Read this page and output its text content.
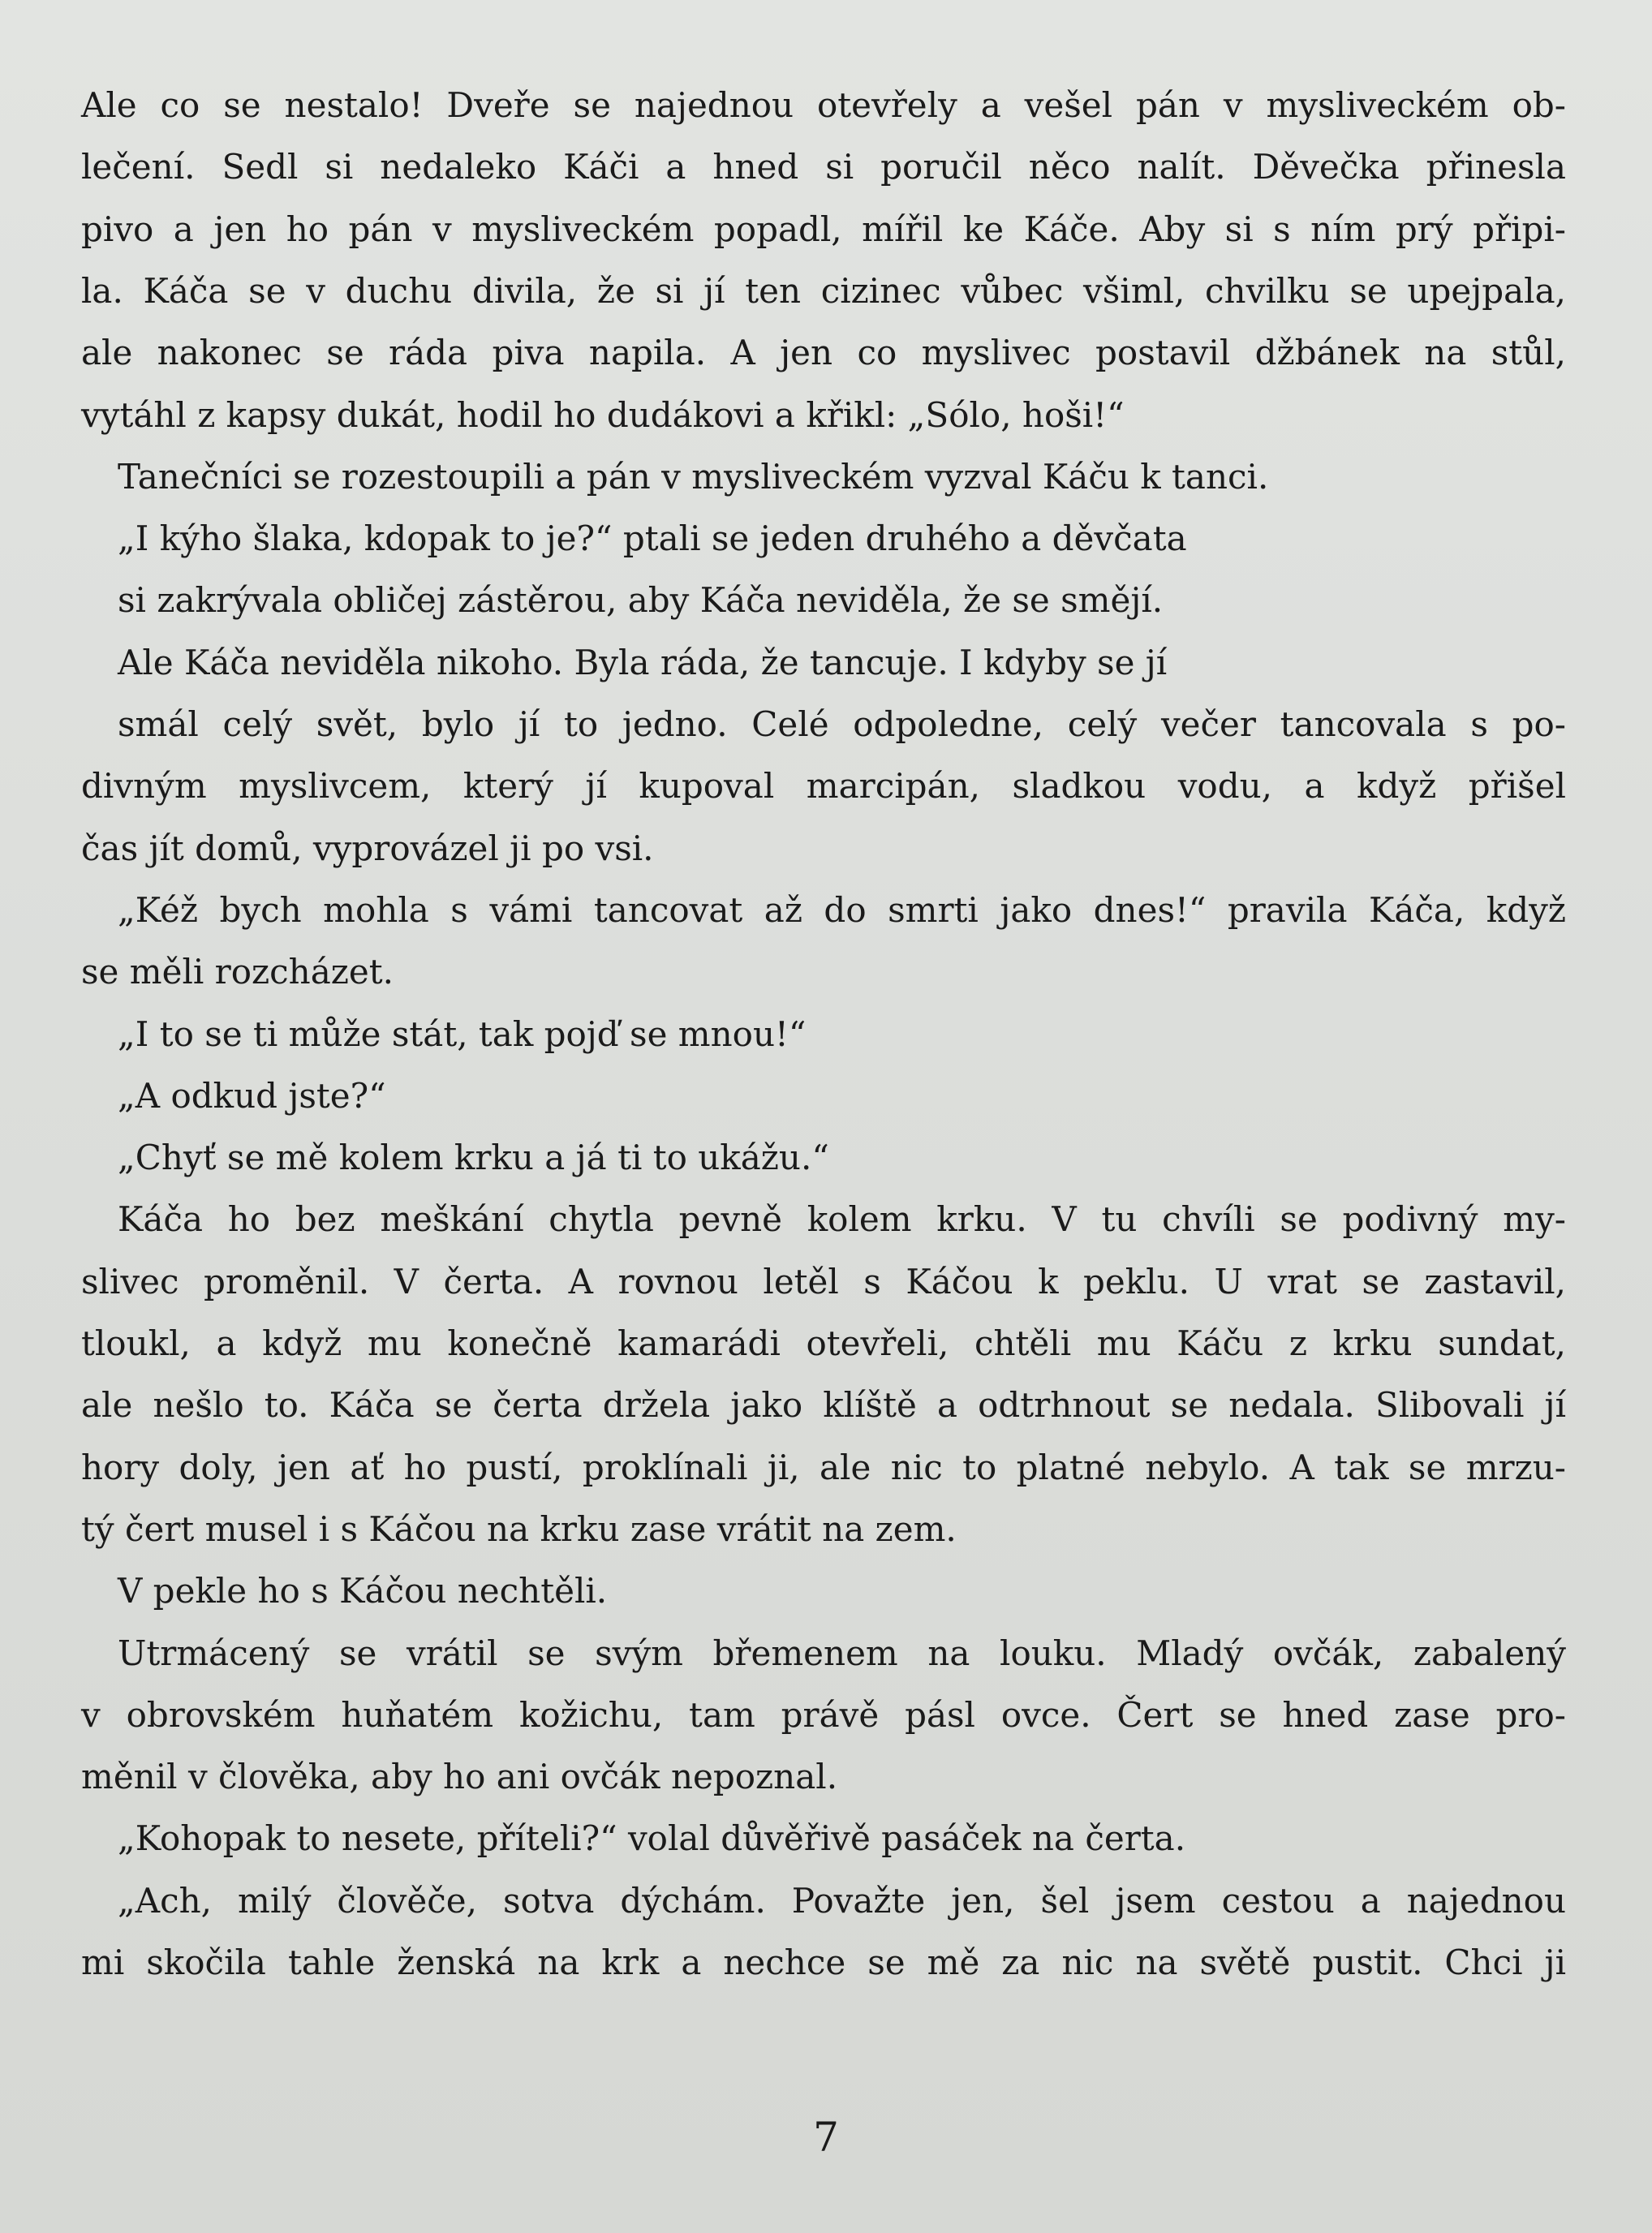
Ale co se nestalo! Dveře se najednou otevřely a vešel pán v mysliveckém ob-
lečení. Sedl si nedaleko Káči a hned si poručil něco nalít. Děvečka přinesla
pivo a jen ho pán v mysliveckém popadl, mířil ke Káče. Aby si s ním prý připi-
la. Káča se v duchu divila, že si jí ten cizinec vůbec všiml, chvilku se upejpala,
ale nakonec se ráda piva napila. A jen co myslivec postavil džbánek na stůl,
vytáhl z kapsy dukát, hodil ho dudákovi a křikl: „Sólo, hoši!“
Tanečníci se rozestoupili a pán v mysliveckém vyzval Káču k tanci.
„I kýho šlaka, kdopak to je?“ ptali se jeden druhého a děvčata
si zakrývala obličej zástěrou, aby Káča neviděla, že se smějí.
Ale Káča neviděla nikoho. Byla ráda, že tancuje. I kdyby se jí
smál celý svět, bylo jí to jedno. Celé odpoledne, celý večer tancovala s po-
divným myslivcem, který jí kupoval marcipán, sladkou vodu, a když přišel
čas jít domů, vyprovázel ji po vsi.
„Kéž bych mohla s vámi tancovat až do smrti jako dnes!“ pravila Káča, když
se měli rozcházet.
„I to se ti může stát, tak pojď se mnou!“
„A odkud jste?“
„Chyť se mě kolem krku a já ti to ukážu.“
Káča ho bez meškání chytla pevně kolem krku. V tu chvíli se podivný my-
slivec proměnil. V čerta. A rovnou letěl s Káčou k peklu. U vrat se zastavil,
tloukl, a když mu konečně kamarádi otevřeli, chtěli mu Káču z krku sundat,
ale nešlo to. Káča se čerta držela jako klíště a odtrhnout se nedala. Slibovali jí
hory doly, jen ať ho pustí, proklínali ji, ale nic to platné nebylo. A tak se mrzu-
tý čert musel i s Káčou na krku zase vrátit na zem.
V pekle ho s Káčou nechtěli.
Utrmácený se vrátil se svým břemenem na louku. Mladý ovčák, zabalený
v obrovském huňatém kožichu, tam právě pásl ovce. Čert se hned zase pro-
měnil v člověka, aby ho ani ovčák nepoznal.
„Kohopak to nesete, příteli?“ volal důvěřivě pasáček na čerta.
„Ach, milý člověče, sotva dýchám. Považte jen, šel jsem cestou a najednou
mi skočila tahle ženská na krk a nechce se mě za nic na světě pustit. Chci ji
7
